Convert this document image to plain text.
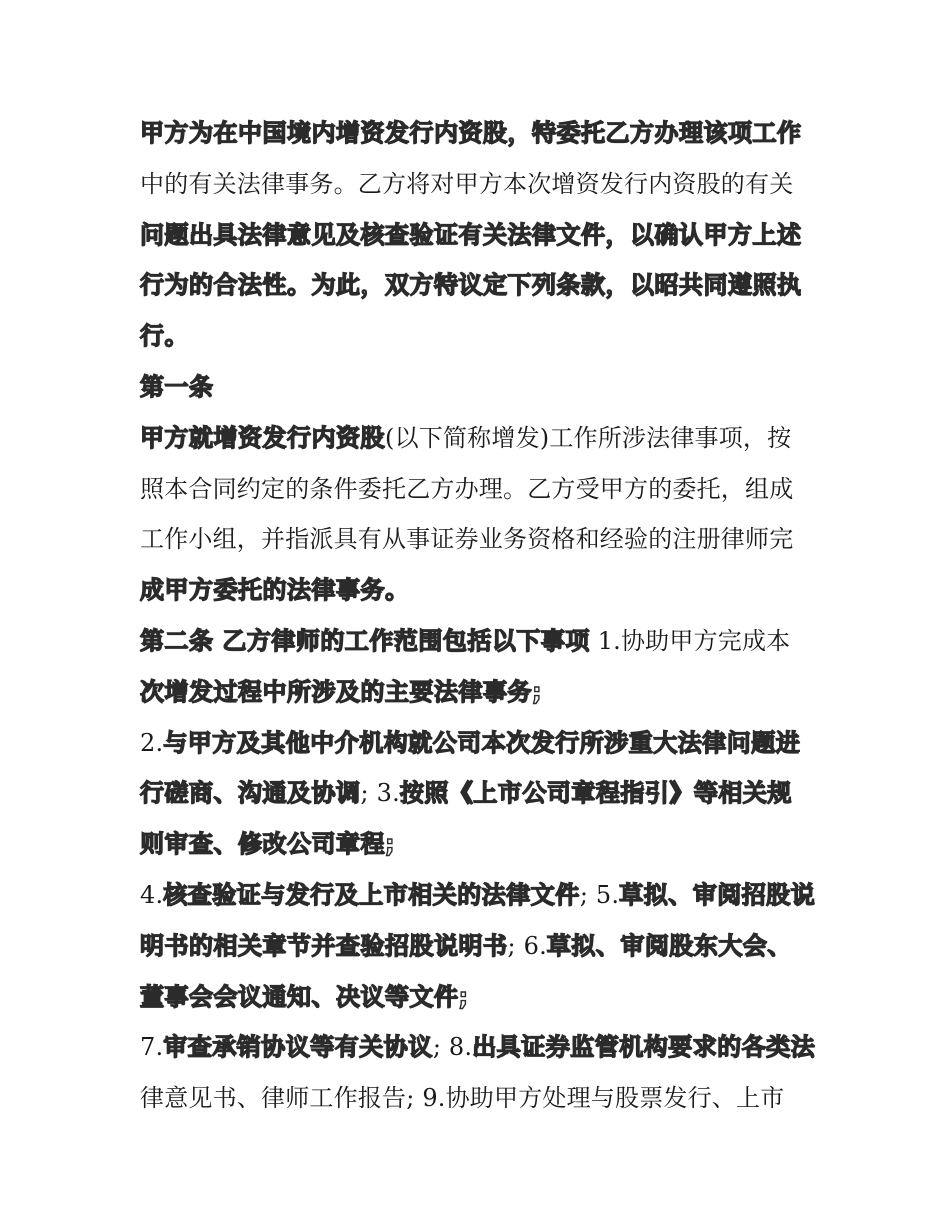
甲方为在中国境内增资发行内资股，特委托乙方办理该项工作
中的有关法律事务。乙方将对甲方本次增资发行内资股的有关
问题出具法律意见及核查验证有关法律文件，以确认甲方上述
行为的合法性。为此，双方特议定下列条款，以昭共同遵照执
行。
第一条
甲方就增资发行内资股(以下简称增发)工作所涉法律事项，按
照本合同约定的条件委托乙方办理。乙方受甲方的委托，组成
工作小组，并指派具有从事证券业务资格和经验的注册律师完
成甲方委托的法律事务。
第二条 乙方律师的工作范围包括以下事项 1.协助甲方完成本
次增发过程中所涉及的主要法律事务;
2.与甲方及其他中介机构就公司本次发行所涉重大法律问题进
行磋商、沟通及协调; 3.按照《上市公司章程指引》等相关规
则审查、修改公司章程;
4.核查验证与发行及上市相关的法律文件; 5.草拟、审阅招股说
明书的相关章节并查验招股说明书; 6.草拟、审阅股东大会、
董事会会议通知、决议等文件;
7.审查承销协议等有关协议; 8.出具证券监管机构要求的各类法
律意见书、律师工作报告; 9.协助甲方处理与股票发行、上市
